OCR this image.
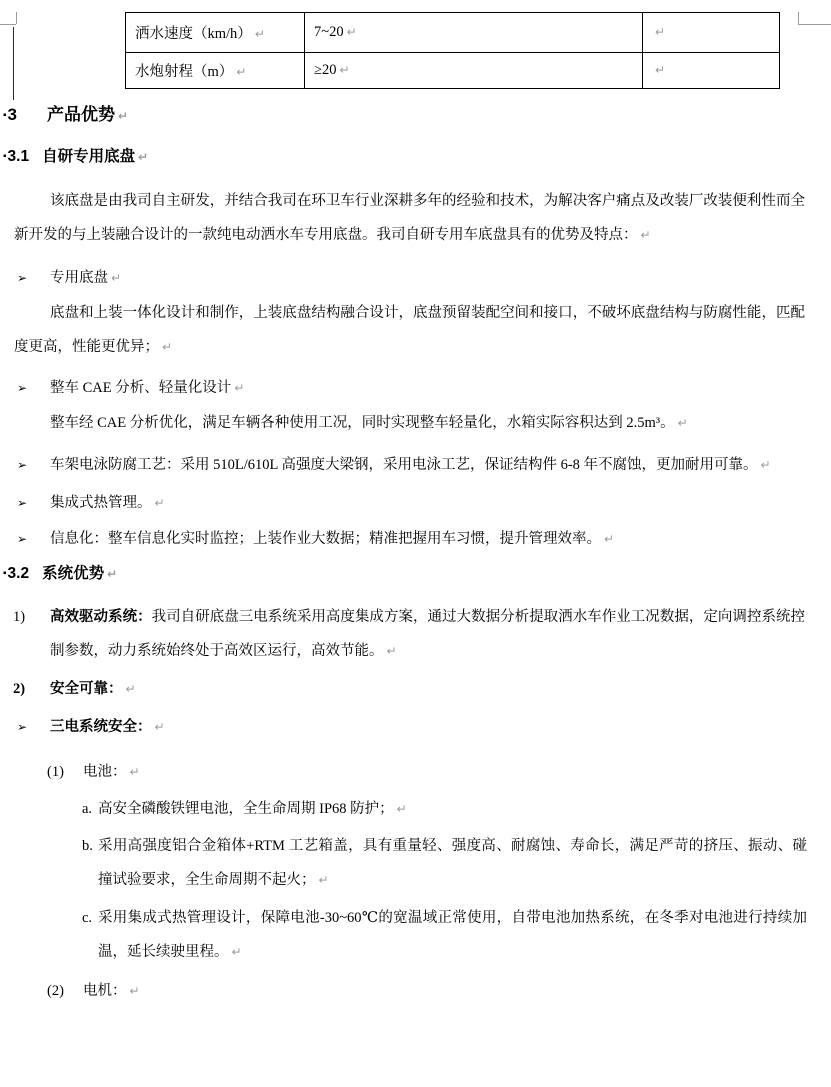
洒水速度（km/h） ↵	7~20 ↵	↵
水炮射程（m） ↵	≥20 ↵	↵
▪3 产品优势 ↵
▪3.1 自研专用底盘 ↵
该底盘是由我司自主研发，并结合我司在环卫车行业深耕多年的经验和技术，为解决客户痛点及改装厂改装便利性而全新开发的与上装融合设计的一款纯电动洒水车专用底盘。我司自研专用车底盘具有的优势及特点： ↵
➢ 专用底盘 ↵
底盘和上装一体化设计和制作，上装底盘结构融合设计，底盘预留装配空间和接口，不破坏底盘结构与防腐性能，匹配度更高，性能更优异； ↵
➢ 整车 CAE 分析、轻量化设计 ↵
整车经 CAE 分析优化，满足车辆各种使用工况，同时实现整车轻量化，水箱实际容积达到 2.5m³。 ↵
➢ 车架电泳防腐工艺：采用 510L/610L 高强度大梁钢，采用电泳工艺，保证结构件 6-8 年不腐蚀，更加耐用可靠。 ↵
➢ 集成式热管理。 ↵
➢ 信息化：整车信息化实时监控；上装作业大数据；精准把握用车习惯，提升管理效率。 ↵
▪3.2 系统优势 ↵
1) 高效驱动系统：我司自研底盘三电系统采用高度集成方案，通过大数据分析提取洒水车作业工况数据，定向调控系统控制参数，动力系统始终处于高效区运行，高效节能。 ↵
2) 安全可靠： ↵
➢ 三电系统安全： ↵
(1) 电池： ↵
a. 高安全磷酸铁锂电池，全生命周期 IP68 防护； ↵
b. 采用高强度铝合金箱体+RTM 工艺箱盖，具有重量轻、强度高、耐腐蚀、寿命长，满足严苛的挤压、振动、碰撞试验要求，全生命周期不起火； ↵
c. 采用集成式热管理设计，保障电池-30~60℃的宽温域正常使用，自带电池加热系统，在冬季对电池进行持续加温，延长续驶里程。 ↵
(2) 电机： ↵
